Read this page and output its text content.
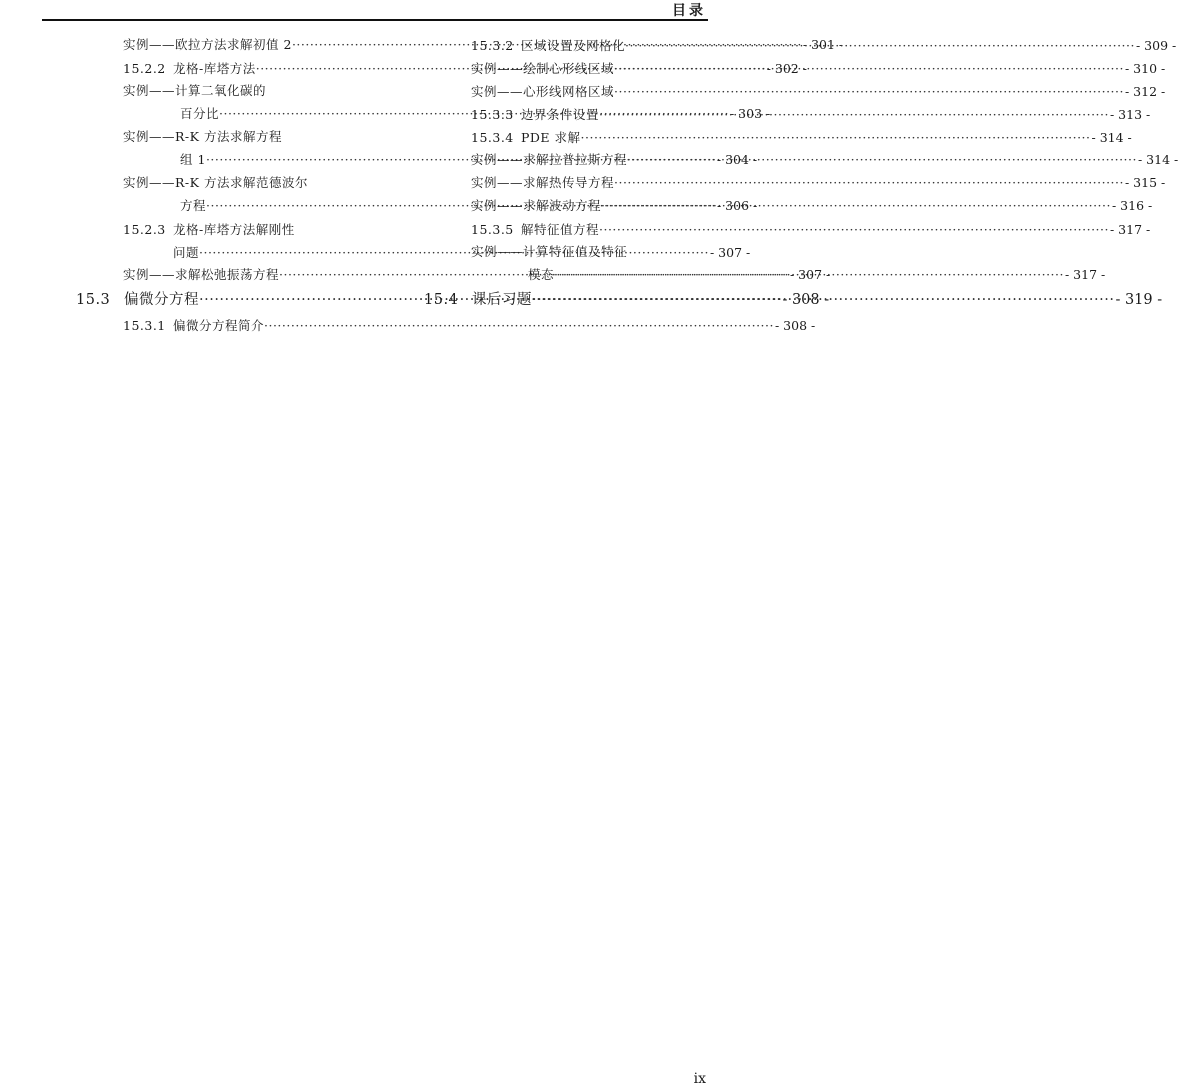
目录
实例——欧拉方法求解初值 2 ·····	- 301 -
15.2.2 龙格-库塔方法 ·····	- 302 -
实例——计算二氧化碳的
百分比 ·····	- 303 -
实例——R-K 方法求解方程
组 1 ·····	- 304 -
实例——R-K 方法求解范德波尔
方程 ·····	- 306 -
15.2.3 龙格-库塔方法解刚性
问题 ·····	- 307 -
实例——求解松弛振荡方程 ·····	- 307 -
15.3 偏微分方程 ·····	- 308 -
15.3.1 偏微分方程简介 ·····	- 308 -
15.3.2 区域设置及网格化 ·····	- 309 -
实例——绘制心形线区域 ·····	- 310 -
实例——心形线网格区域 ·····	- 312 -
15.3.3 边界条件设置 ·····	- 313 -
15.3.4 PDE 求解 ·····	- 314 -
实例——求解拉普拉斯方程 ·····	- 314 -
实例——求解热传导方程 ·····	- 315 -
实例——求解波动方程 ·····	- 316 -
15.3.5 解特征值方程 ·····	- 317 -
实例——计算特征值及特征
模态 ·····	- 317 -
15.4 课后习题 ·····	- 319 -
ix
